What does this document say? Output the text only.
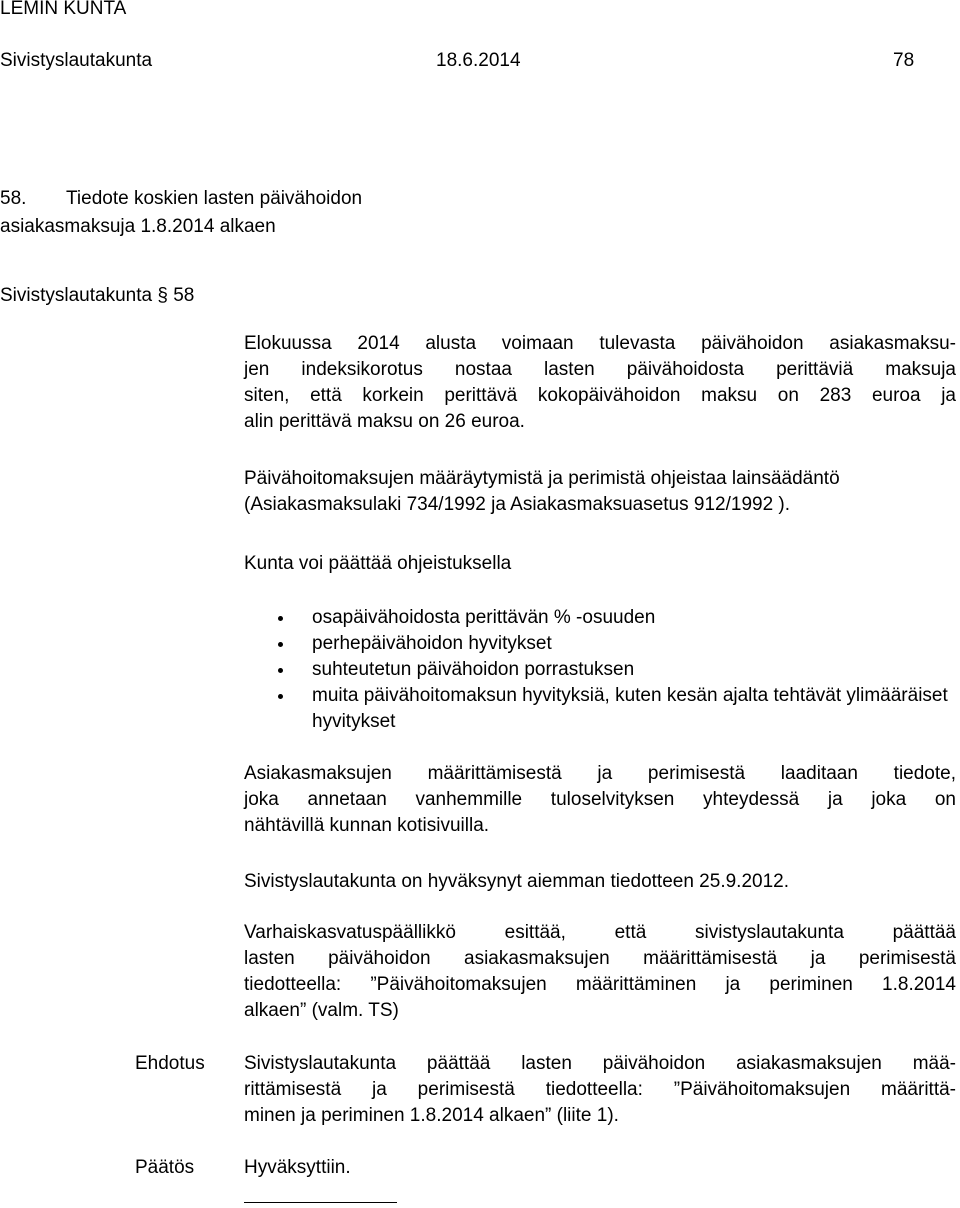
LEMIN KUNTA
Sivistyslautakunta	18.6.2014	78
58. Tiedote koskien lasten päivähoidon
asiakasmaksuja 1.8.2014 alkaen
Sivistyslautakunta § 58
Elokuussa 2014 alusta voimaan tulevasta päivähoidon asiakasmaksu-
jen indeksikorotus nostaa lasten päivähoidosta perittäviä maksuja
siten, että korkein perittävä kokopäivähoidon maksu on 283 euroa ja
alin perittävä maksu on 26 euroa.
Päivähoitomaksujen määräytymistä ja perimistä ohjeistaa lainsäädäntö
(Asiakasmaksulaki 734/1992 ja Asiakasmaksuasetus 912/1992 ).
Kunta voi päättää ohjeistuksella
osapäivähoidosta perittävän % -osuuden
perhepäivähoidon hyvitykset
suhteutetun päivähoidon porrastuksen
muita päivähoitomaksun hyvityksiä, kuten kesän ajalta tehtävät ylimääräiset hyvitykset
Asiakasmaksujen määrittämisestä ja perimisestä laaditaan tiedote,
joka annetaan vanhemmille tuloselvityksen yhteydessä ja joka on
nähtävillä kunnan kotisivuilla.
Sivistyslautakunta on hyväksynyt aiemman tiedotteen 25.9.2012.
Varhaiskasvatuspäällikkö esittää, että sivistyslautakunta päättää
lasten päivähoidon asiakasmaksujen määrittämisestä ja perimisestä
tiedotteella: ”Päivähoitomaksujen määrittäminen ja periminen 1.8.2014
alkaen” (valm. TS)
Ehdotus Sivistyslautakunta päättää lasten päivähoidon asiakasmaksujen mää-
rittämisestä ja perimisestä tiedotteella: ”Päivähoitomaksujen määrittä-
minen ja periminen 1.8.2014 alkaen” (liite 1).
Päätös	Hyväksyttiin.
